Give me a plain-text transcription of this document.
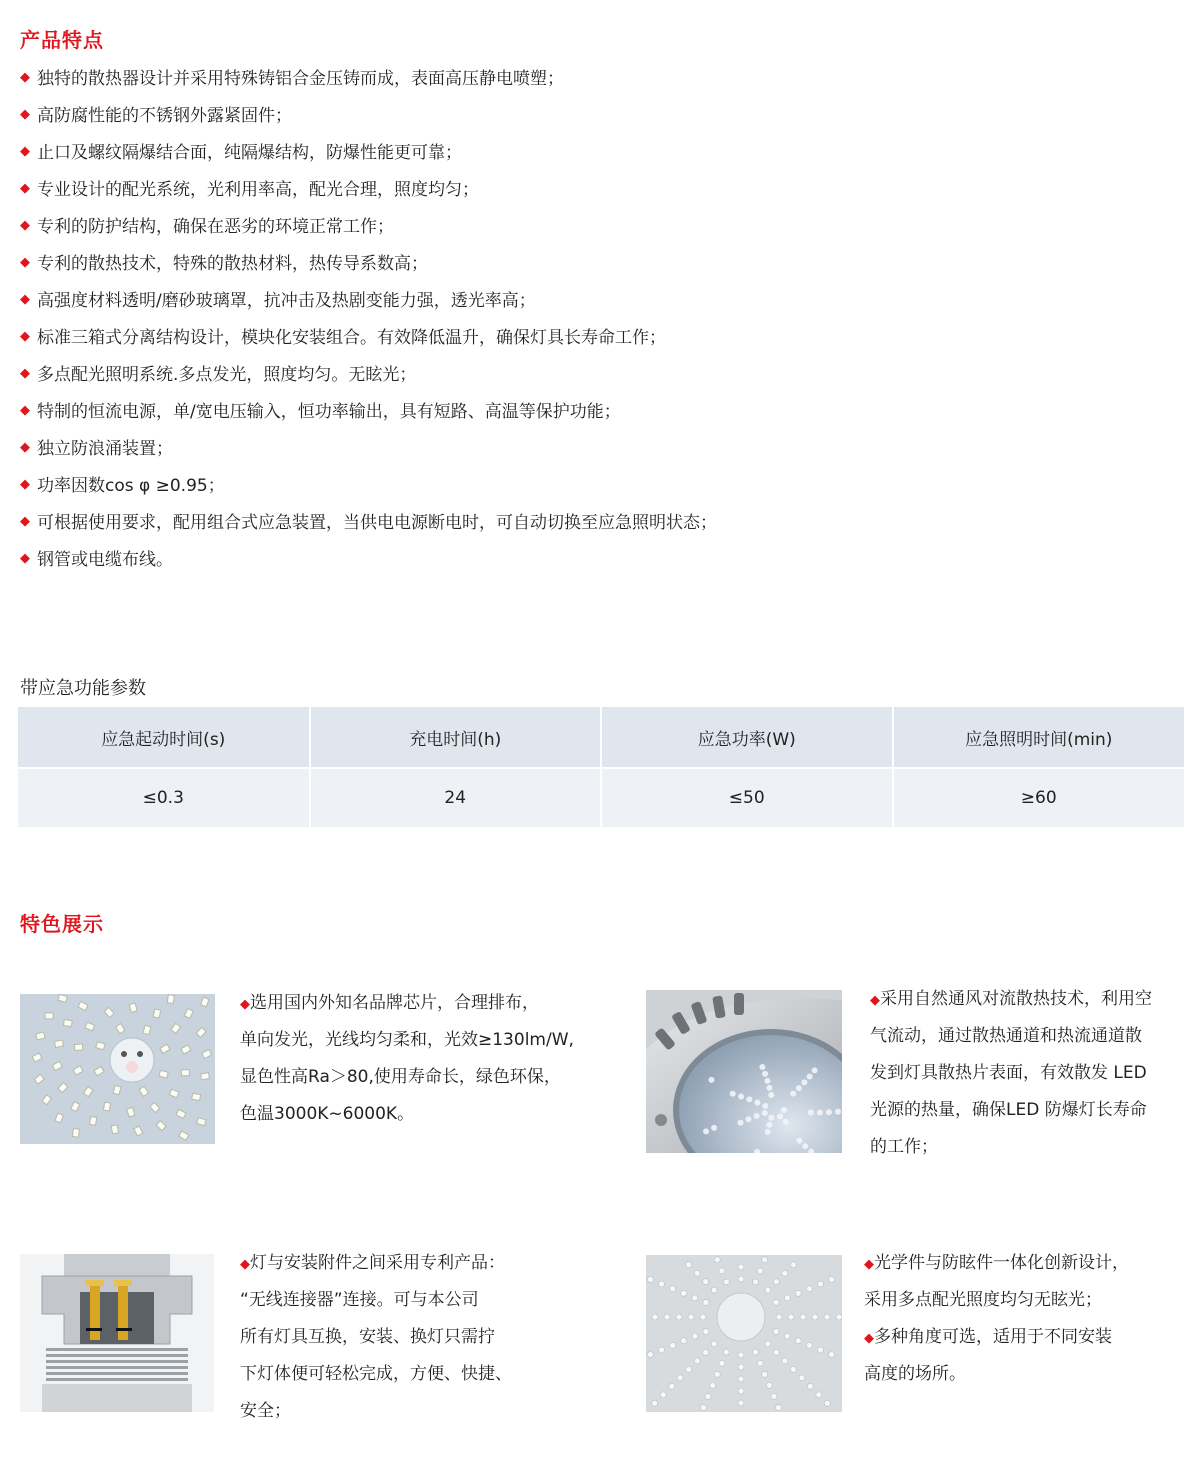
产品特点
◆ 独特的散热器设计并采用特殊铸铝合金压铸而成，表面高压静电喷塑；
◆ 高防腐性能的不锈钢外露紧固件；
◆ 止口及螺纹隔爆结合面，纯隔爆结构，防爆性能更可靠；
◆ 专业设计的配光系统，光利用率高，配光合理，照度均匀；
◆ 专利的防护结构，确保在恶劣的环境正常工作；
◆ 专利的散热技术，特殊的散热材料，热传导系数高；
◆ 高强度材料透明/磨砂玻璃罩，抗冲击及热剧变能力强，透光率高；
◆ 标准三箱式分离结构设计，模块化安装组合。有效降低温升，确保灯具长寿命工作；
◆ 多点配光照明系统.多点发光，照度均匀。无眩光；
◆ 特制的恒流电源，单/宽电压输入，恒功率输出，具有短路、高温等保护功能；
◆ 独立防浪涌装置；
◆ 功率因数cos φ ≥0.95；
◆ 可根据使用要求，配用组合式应急装置，当供电电源断电时，可自动切换至应急照明状态；
◆ 钢管或电缆布线。

带应急功能参数

应急起动时间(s)	充电时间(h)	应急功率(W)	应急照明时间(min)
≤0.3	24	≤50	≥60
特色展示
◆选用国内外知名品牌芯片，合理排布，
单向发光，光线均匀柔和，光效≥130lm/W,
显色性高Ra＞80,使用寿命长，绿色环保，
色温3000K~6000K。
◆采用自然通风对流散热技术，利用空
气流动，通过散热通道和热流通道散
发到灯具散热片表面，有效散发 LED
光源的热量，确保LED 防爆灯长寿命
的工作；
◆灯与安装附件之间采用专利产品：
“无线连接器”连接。可与本公司
所有灯具互换，安装、换灯只需拧
下灯体便可轻松完成，方便、快捷、
安全；
◆光学件与防眩件一体化创新设计，
采用多点配光照度均匀无眩光；
◆多种角度可选，适用于不同安装
高度的场所。
